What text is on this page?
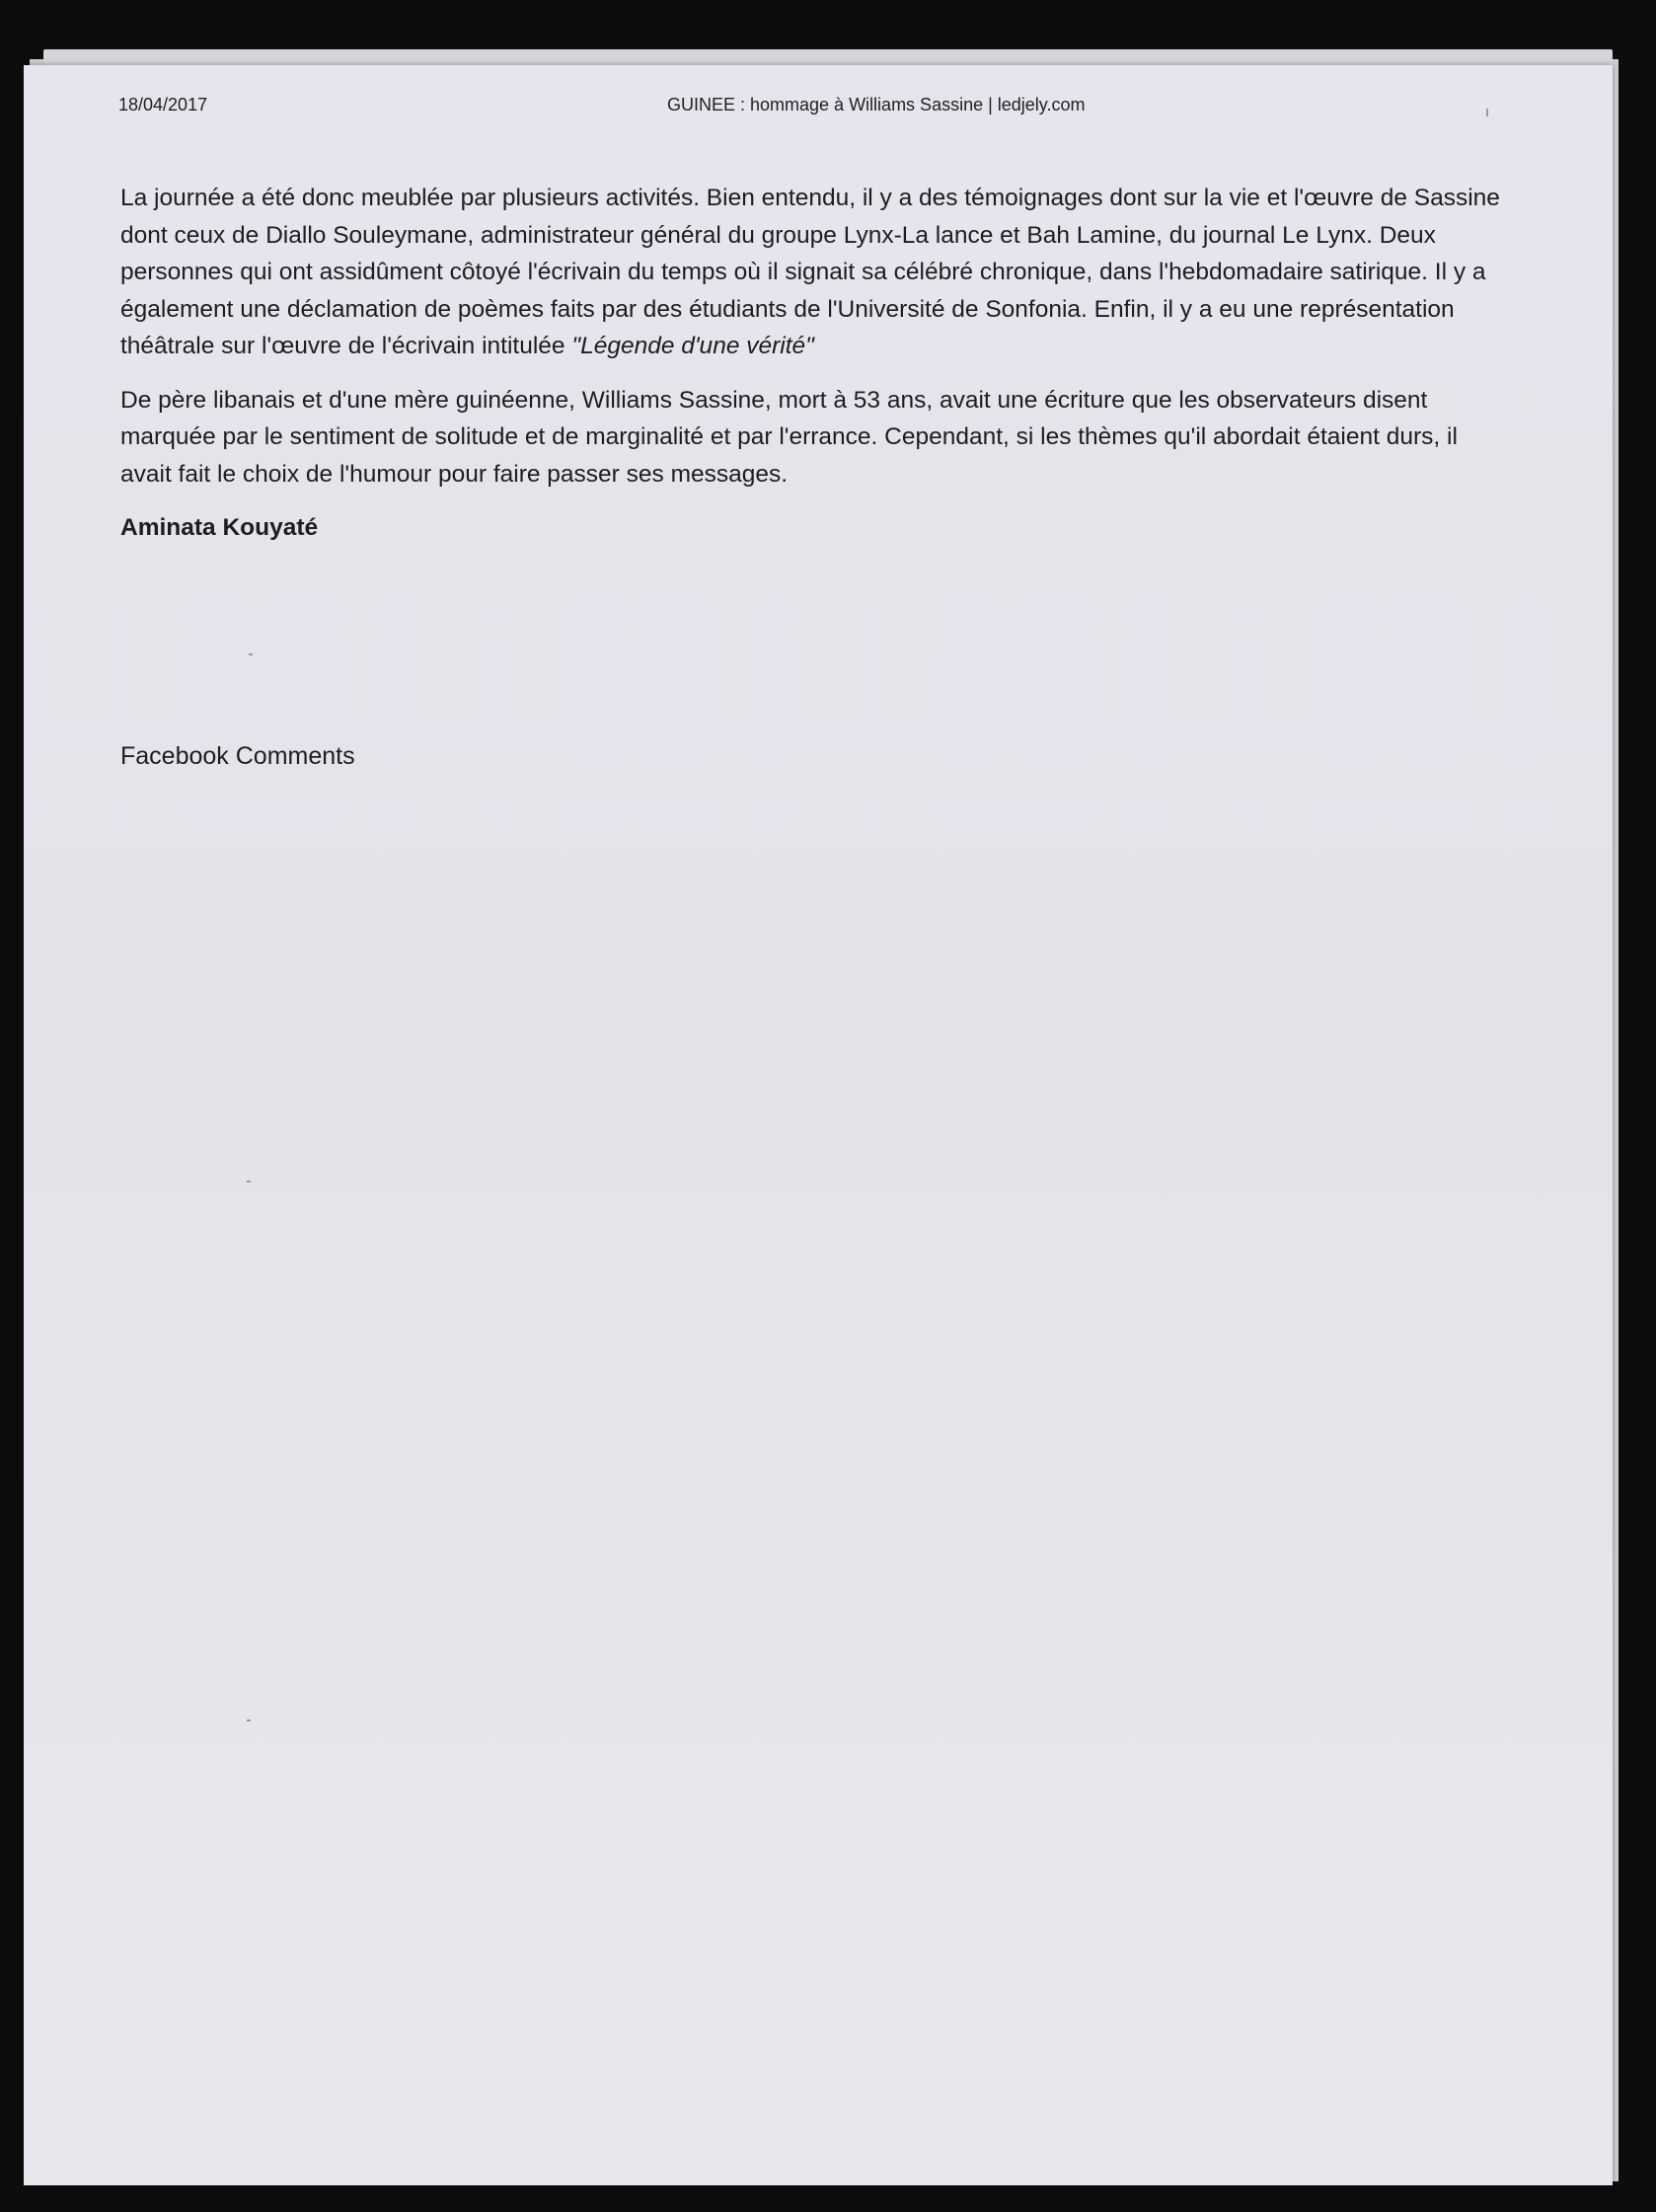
18/04/2017	GUINEE : hommage à Williams Sassine | ledjely.com

La journée a été donc meublée par plusieurs activités. Bien entendu, il y a des témoignages dont sur la vie et l'œuvre de Sassine dont ceux de Diallo Souleymane, administrateur général du groupe Lynx-La lance et Bah Lamine, du journal Le Lynx. Deux personnes qui ont assidûment côtoyé l'écrivain du temps où il signait sa célébré chronique, dans l'hebdomadaire satirique. Il y a également une déclamation de poèmes faits par des étudiants de l'Université de Sonfonia. Enfin, il y a eu une représentation théâtrale sur l'œuvre de l'écrivain intitulée "Légende d'une vérité"

De père libanais et d'une mère guinéenne, Williams Sassine, mort à 53 ans, avait une écriture que les observateurs disent marquée par le sentiment de solitude et de marginalité et par l'errance. Cependant, si les thèmes qu'il abordait étaient durs, il avait fait le choix de l'humour pour faire passer ses messages.

Aminata Kouyaté

Facebook Comments
